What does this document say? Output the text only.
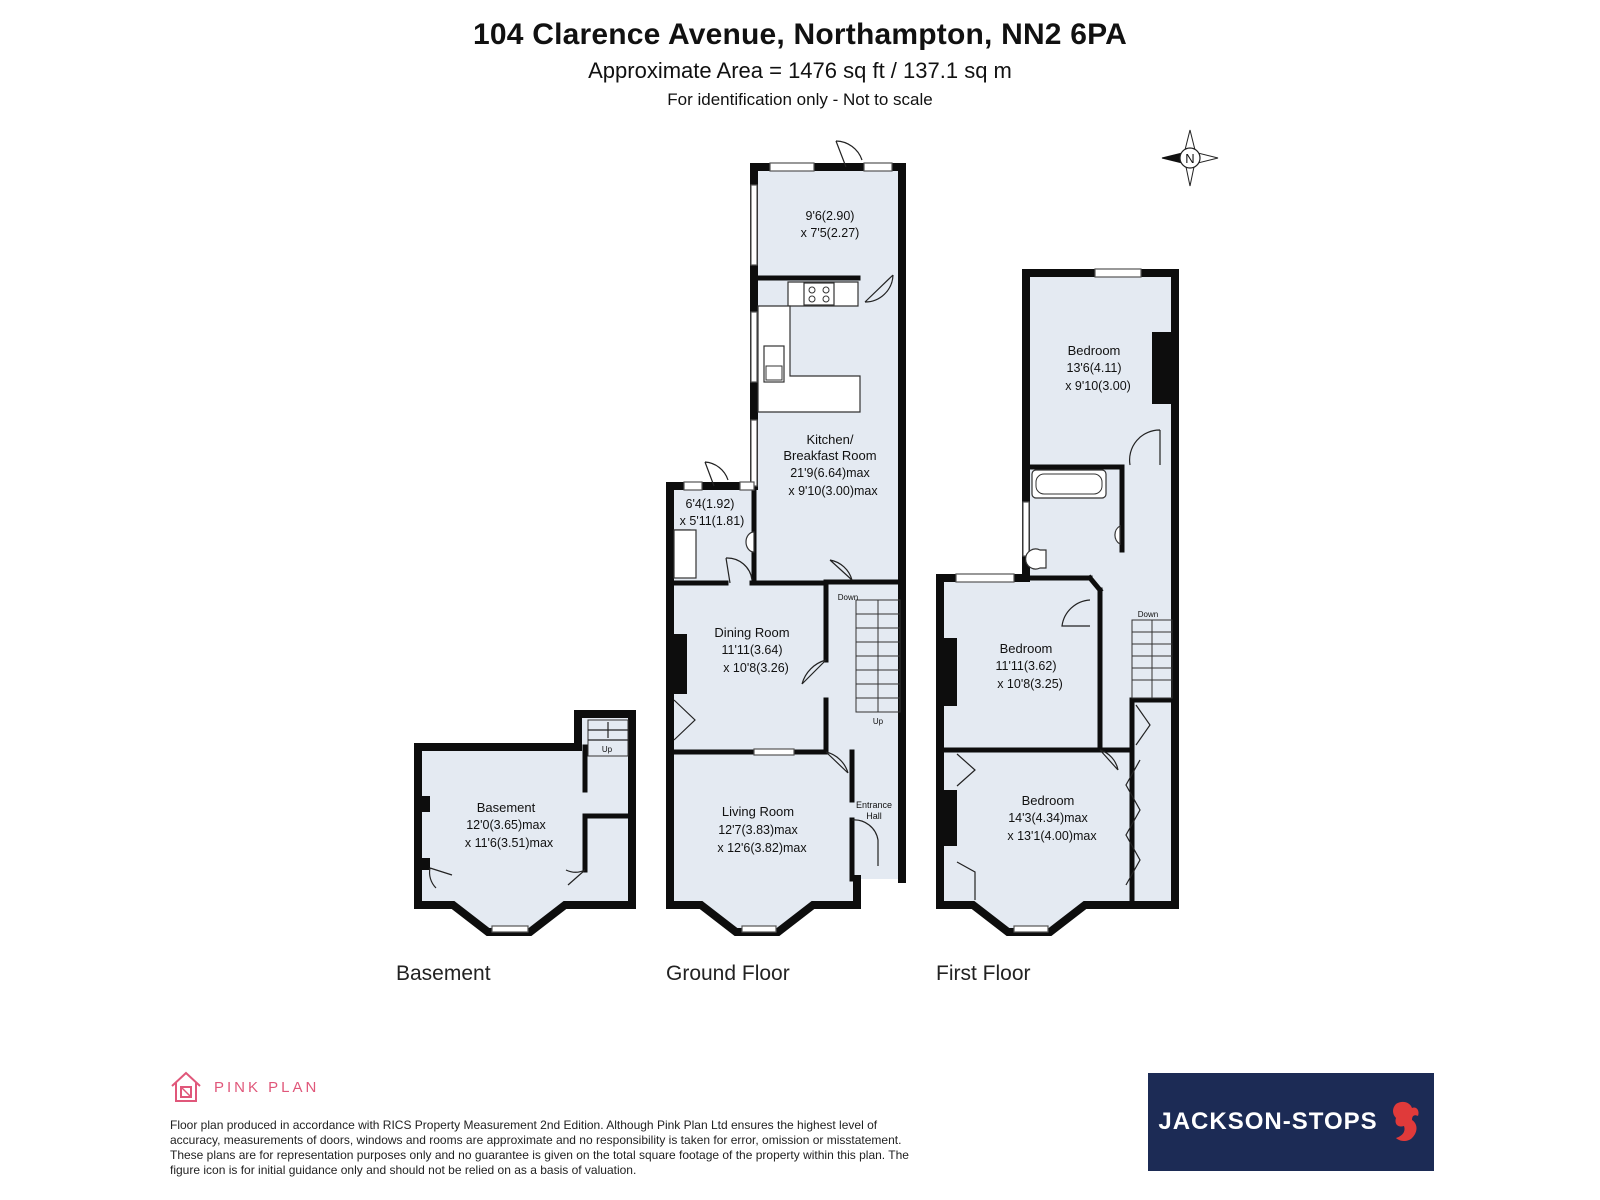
104 Clarence Avenue, Northampton, NN2 6PA
Approximate Area = 1476 sq ft / 137.1 sq m
For identification only - Not to scale
N
Up
Basement
12'0(3.65)max
x 11'6(3.51)max
Down
Up
9'6(2.90)
x 7'5(2.27)
Kitchen/
Breakfast Room
21'9(6.64)max
x 9'10(3.00)max
6'4(1.92)
x 5'11(1.81)
Dining Room
11'11(3.64)
x 10'8(3.26)
Living Room
12'7(3.83)max
x 12'6(3.82)max
Entrance
Hall
Down
Bedroom
13'6(4.11)
x 9'10(3.00)
Bedroom
11'11(3.62)
x 10'8(3.25)
Bedroom
14'3(4.34)max
x 13'1(4.00)max
Basement	Ground Floor	First Floor
PINK PLAN
Floor plan produced in accordance with RICS Property Measurement 2nd Edition. Although Pink Plan Ltd ensures the highest level of accuracy, measurements of doors, windows and rooms are approximate and no responsibility is taken for error, omission or misstatement. These plans are for representation purposes only and no guarantee is given on the total square footage of the property within this plan. The figure icon is for initial guidance only and should not be relied on as a basis of valuation.
JACKSON-STOPS
